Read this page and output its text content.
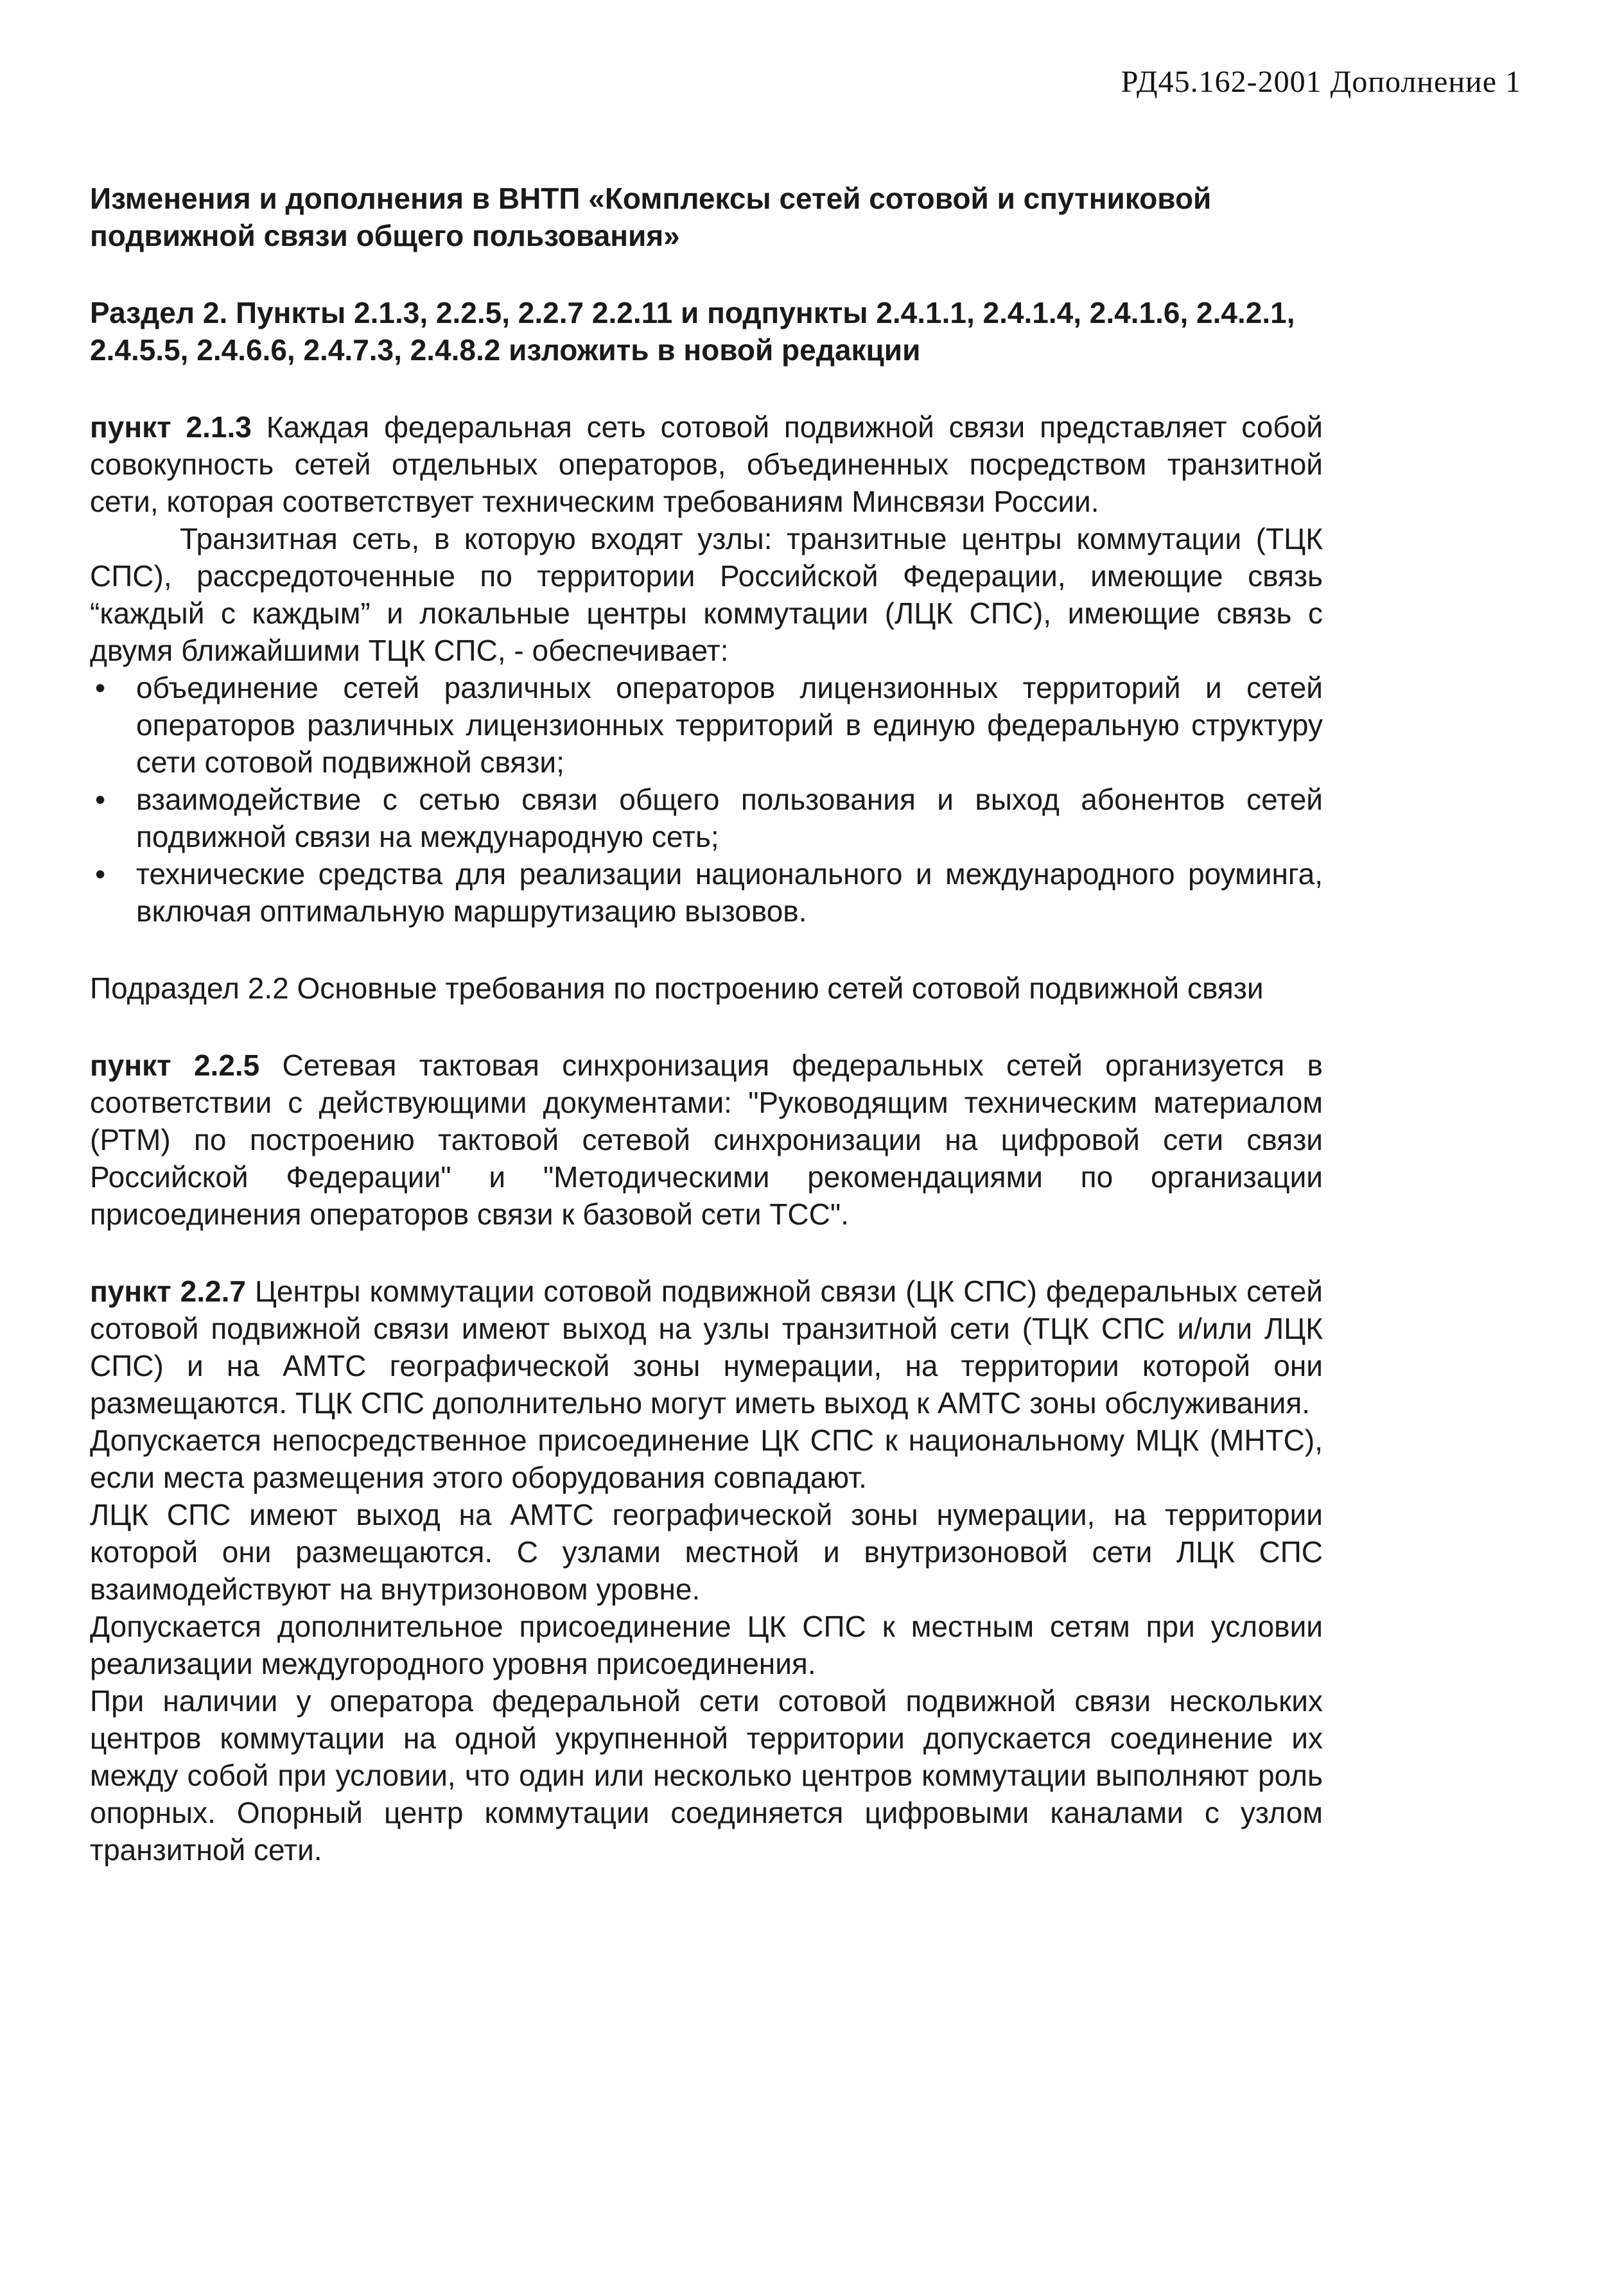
РД45.162-2001 Дополнение 1

Изменения и дополнения в ВНТП «Комплексы сетей сотовой и спутниковой подвижной связи общего пользования»

Раздел 2. Пункты 2.1.3, 2.2.5, 2.2.7 2.2.11 и подпункты 2.4.1.1, 2.4.1.4, 2.4.1.6, 2.4.2.1, 2.4.5.5, 2.4.6.6, 2.4.7.3, 2.4.8.2 изложить в новой редакции

пункт 2.1.3 Каждая федеральная сеть сотовой подвижной связи представляет собой совокупность сетей отдельных операторов, объединенных посредством транзитной сети, которая соответствует техническим требованиям Минсвязи России.

Транзитная сеть, в которую входят узлы: транзитные центры коммутации (ТЦК СПС), рассредоточенные по территории Российской Федерации, имеющие связь “каждый с каждым” и локальные центры коммутации (ЛЦК СПС), имеющие связь с двумя ближайшими ТЦК СПС, - обеспечивает:

• объединение сетей различных операторов лицензионных территорий и сетей операторов различных лицензионных территорий в единую федеральную структуру сети сотовой подвижной связи;
• взаимодействие с сетью связи общего пользования и выход абонентов сетей подвижной связи на международную сеть;
• технические средства для реализации национального и международного роуминга, включая оптимальную маршрутизацию вызовов.

Подраздел 2.2 Основные требования по построению сетей сотовой подвижной связи

пункт 2.2.5 Сетевая тактовая синхронизация федеральных сетей организуется в соответствии с действующими документами: "Руководящим техническим материалом (РТМ) по построению тактовой сетевой синхронизации на цифровой сети связи Российской Федерации" и "Методическими рекомендациями по организации присоединения операторов связи к базовой сети ТСС".

пункт 2.2.7 Центры коммутации сотовой подвижной связи (ЦК СПС) федеральных сетей сотовой подвижной связи имеют выход на узлы транзитной сети (ТЦК СПС и/или ЛЦК СПС) и на АМТС географической зоны нумерации, на территории которой они размещаются. ТЦК СПС дополнительно могут иметь выход к АМТС зоны обслуживания.

Допускается непосредственное присоединение ЦК СПС к национальному МЦК (МНТС), если места размещения этого оборудования совпадают.

ЛЦК СПС имеют выход на АМТС географической зоны нумерации, на территории которой они размещаются. С узлами местной и внутризоновой сети ЛЦК СПС взаимодействуют на внутризоновом уровне.

Допускается дополнительное присоединение ЦК СПС к местным сетям при условии реализации междугородного уровня присоединения.

При наличии у оператора федеральной сети сотовой подвижной связи нескольких центров коммутации на одной укрупненной территории допускается соединение их между собой при условии, что один или несколько центров коммутации выполняют роль опорных. Опорный центр коммутации соединяется цифровыми каналами с узлом транзитной сети.
